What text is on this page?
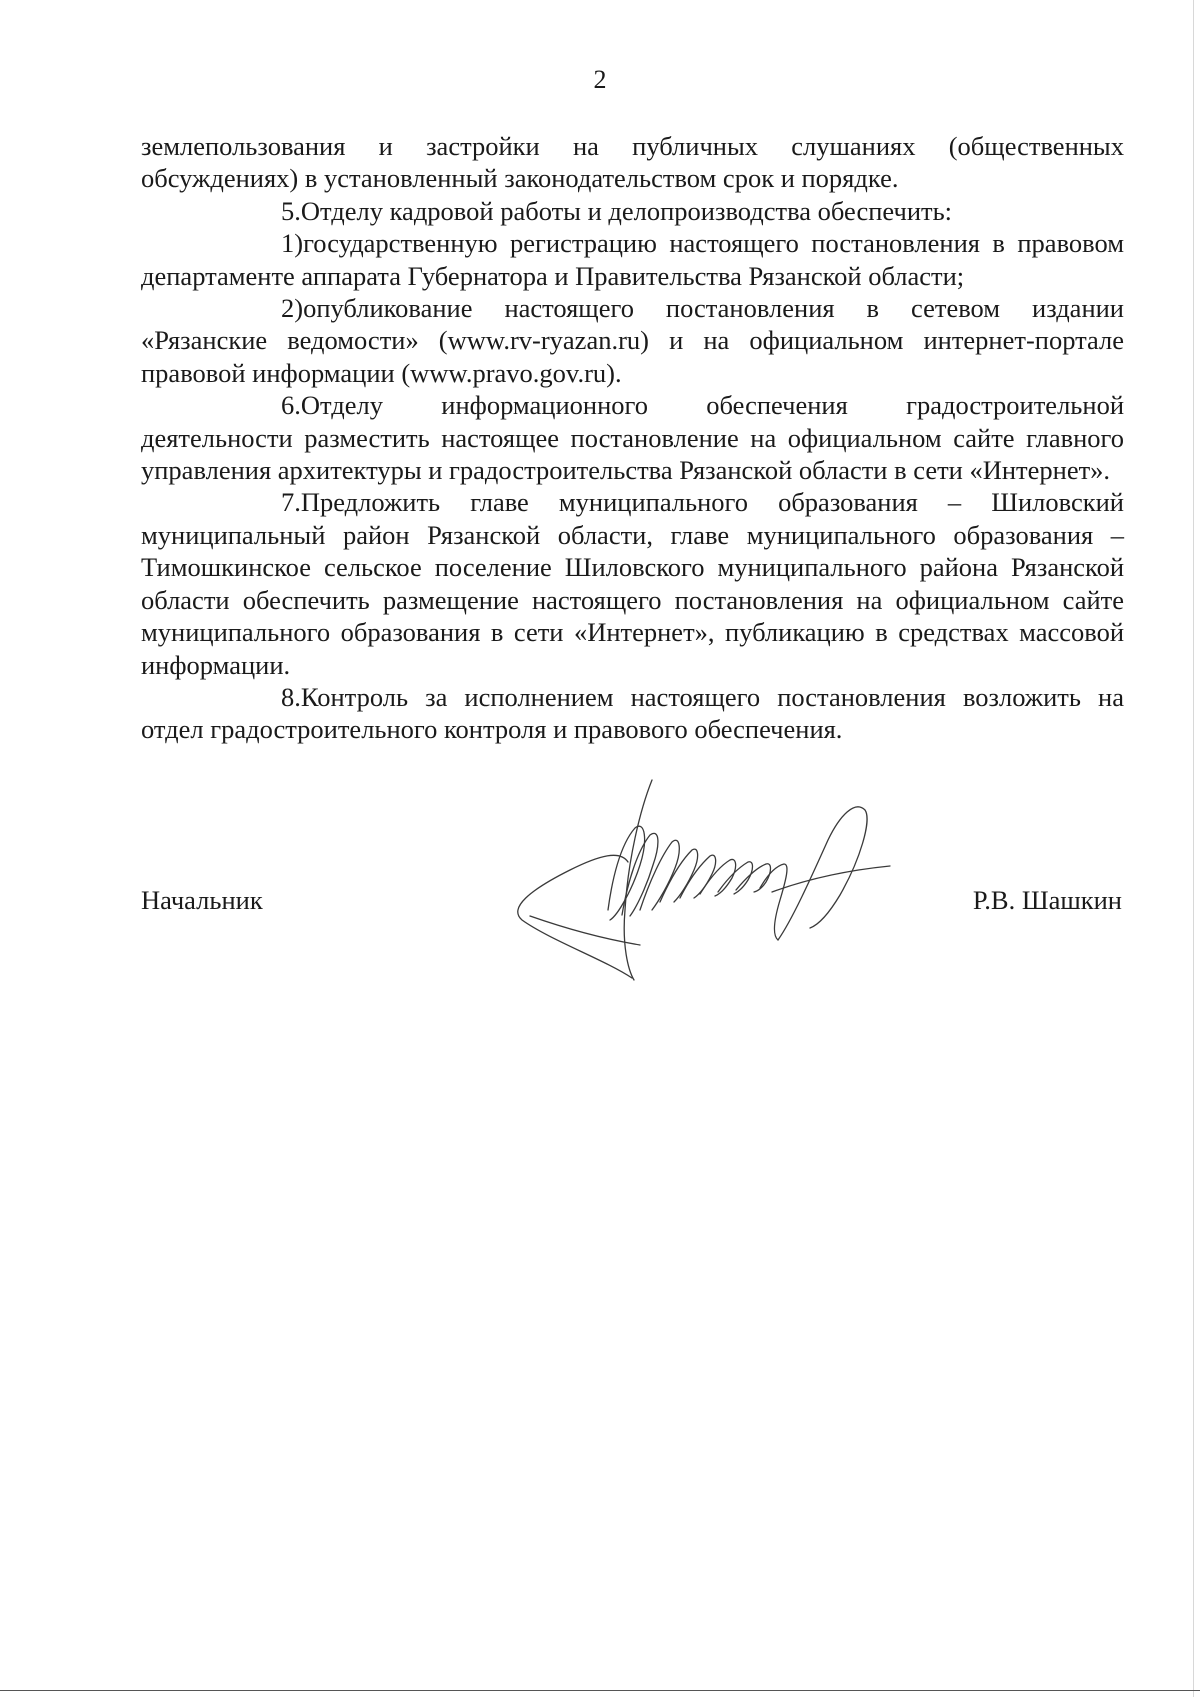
2

землепользования и застройки на публичных слушаниях (общественных обсуждениях) в установленный законодательством срок и порядке.

5.Отделу кадровой работы и делопроизводства обеспечить:

1)государственную регистрацию настоящего постановления в правовом департаменте аппарата Губернатора и Правительства Рязанской области;

2)опубликование настоящего постановления в сетевом издании «Рязанские ведомости» (www.rv-ryazan.ru) и на официальном интернет-портале правовой информации (www.pravo.gov.ru).

6.Отделу информационного обеспечения градостроительной деятельности разместить настоящее постановление на официальном сайте главного управления архитектуры и градостроительства Рязанской области в сети «Интернет».

7.Предложить главе муниципального образования – Шиловский муниципальный район Рязанской области, главе муниципального образования – Тимошкинское сельское поселение Шиловского муниципального района Рязанской области обеспечить размещение настоящего постановления на официальном сайте муниципального образования в сети «Интернет», публикацию в средствах массовой информации.

8.Контроль за исполнением настоящего постановления возложить на отдел градостроительного контроля и правового обеспечения.

Начальник	Р.В. Шашкин
